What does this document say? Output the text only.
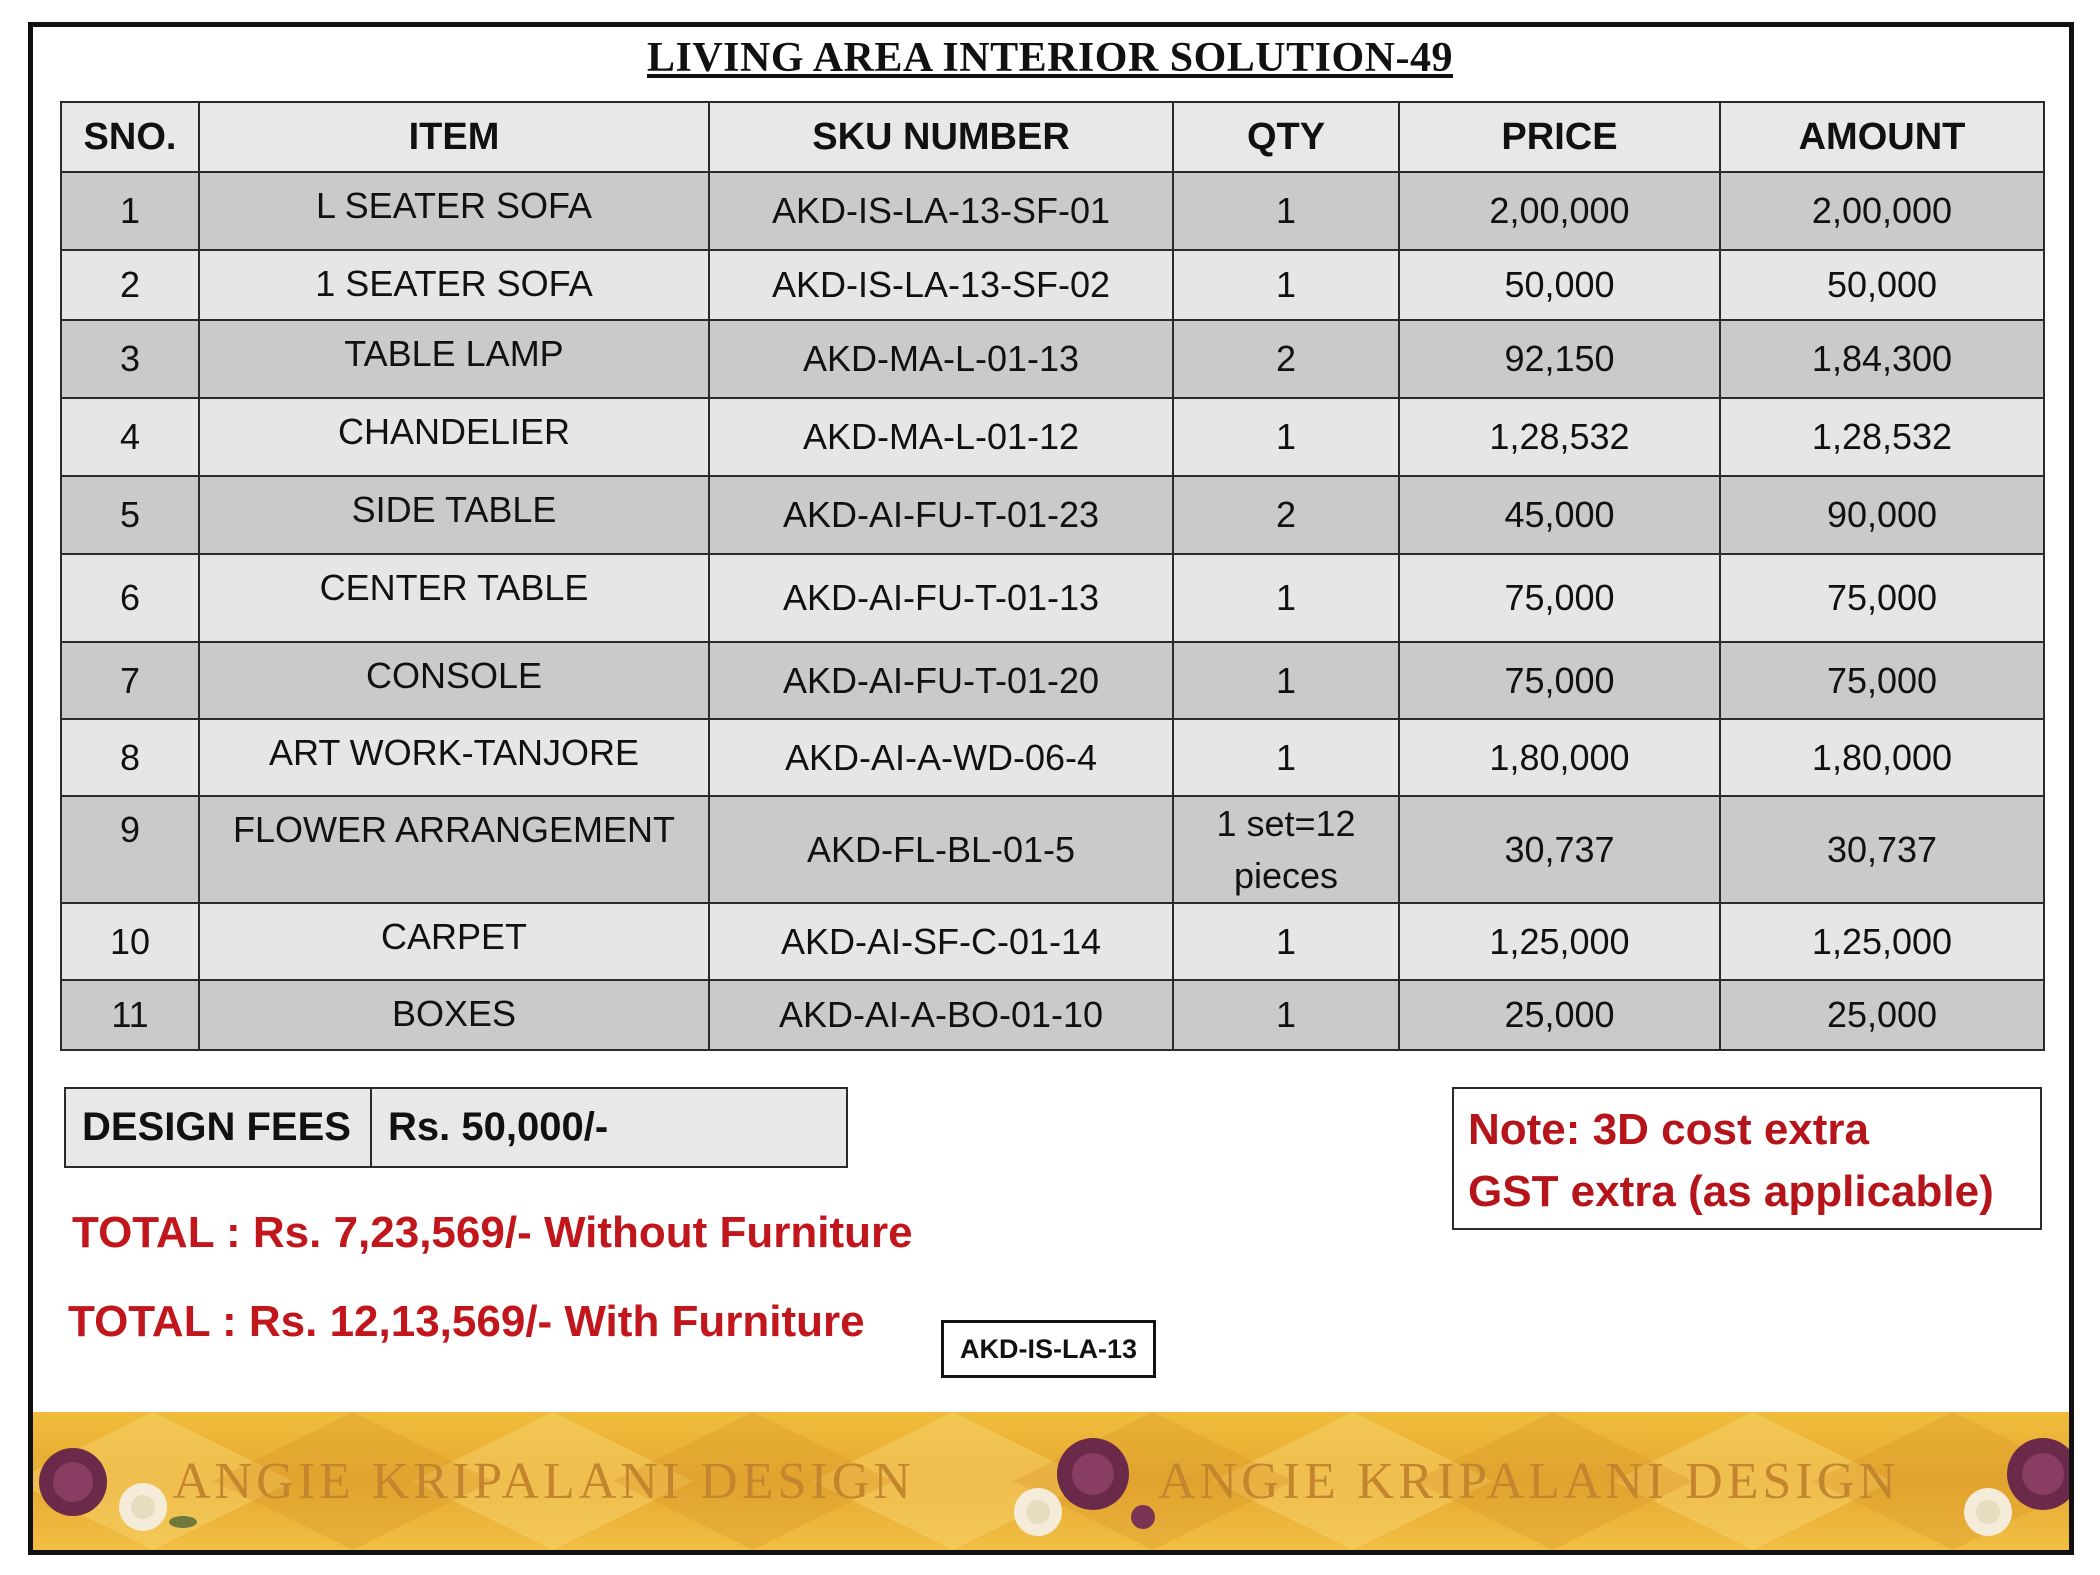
LIVING AREA INTERIOR SOLUTION-49
SNO.	ITEM	SKU NUMBER	QTY	PRICE	AMOUNT
1	L SEATER SOFA	AKD-IS-LA-13-SF-01	1	2,00,000	2,00,000
2	1 SEATER SOFA	AKD-IS-LA-13-SF-02	1	50,000	50,000
3	TABLE LAMP	AKD-MA-L-01-13	2	92,150	1,84,300
4	CHANDELIER	AKD-MA-L-01-12	1	1,28,532	1,28,532
5	SIDE TABLE	AKD-AI-FU-T-01-23	2	45,000	90,000
6	CENTER TABLE	AKD-AI-FU-T-01-13	1	75,000	75,000
7	CONSOLE	AKD-AI-FU-T-01-20	1	75,000	75,000
8	ART WORK-TANJORE	AKD-AI-A-WD-06-4	1	1,80,000	1,80,000
9	FLOWER ARRANGEMENT	AKD-FL-BL-01-5	1 set=12 pieces	30,737	30,737
10	CARPET	AKD-AI-SF-C-01-14	1	1,25,000	1,25,000
11	BOXES	AKD-AI-A-BO-01-10	1	25,000	25,000
DESIGN FEES Rs. 50,000/-
TOTAL : Rs. 7,23,569/- Without Furniture
TOTAL : Rs. 12,13,569/- With Furniture
Note: 3D cost extra
GST extra (as applicable)
AKD-IS-LA-13
ANGIE KRIPALANI DESIGN	ANGIE KRIPALANI DESIGN
